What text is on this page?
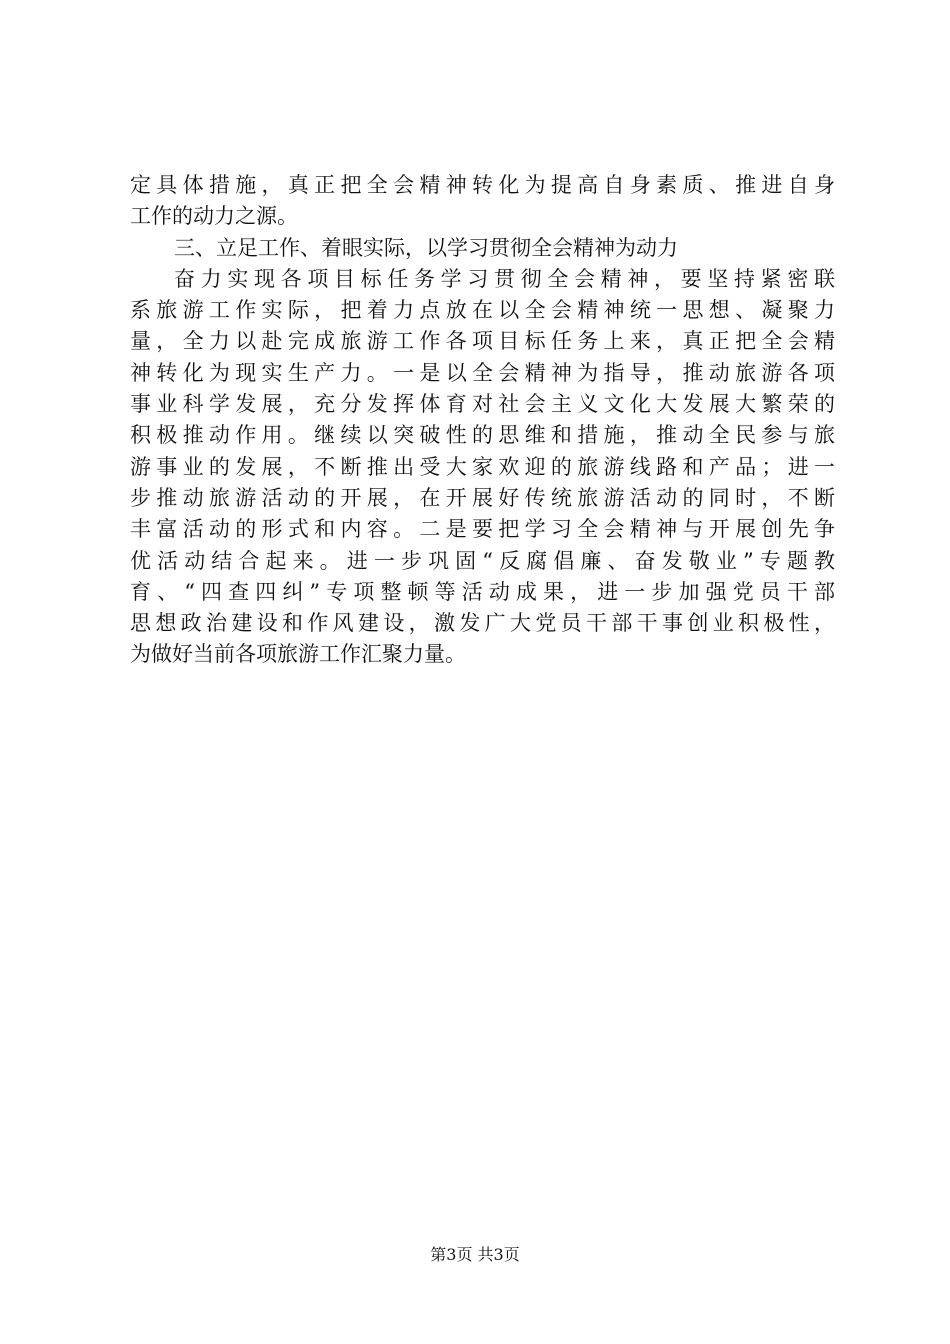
定具体措施，真正把全会精神转化为提高自身素质、推进自身
工作的动力之源。
三、立足工作、着眼实际，以学习贯彻全会精神为动力
奋力实现各项目标任务学习贯彻全会精神，要坚持紧密联
系旅游工作实际，把着力点放在以全会精神统一思想、凝聚力
量，全力以赴完成旅游工作各项目标任务上来，真正把全会精
神转化为现实生产力。一是以全会精神为指导，推动旅游各项
事业科学发展，充分发挥体育对社会主义文化大发展大繁荣的
积极推动作用。继续以突破性的思维和措施，推动全民参与旅
游事业的发展，不断推出受大家欢迎的旅游线路和产品；进一
步推动旅游活动的开展，在开展好传统旅游活动的同时，不断
丰富活动的形式和内容。二是要把学习全会精神与开展创先争
优活动结合起来。进一步巩固“反腐倡廉、奋发敬业”专题教
育、“四查四纠”专项整顿等活动成果，进一步加强党员干部
思想政治建设和作风建设，激发广大党员干部干事创业积极性，
为做好当前各项旅游工作汇聚力量。
第3页 共3页
